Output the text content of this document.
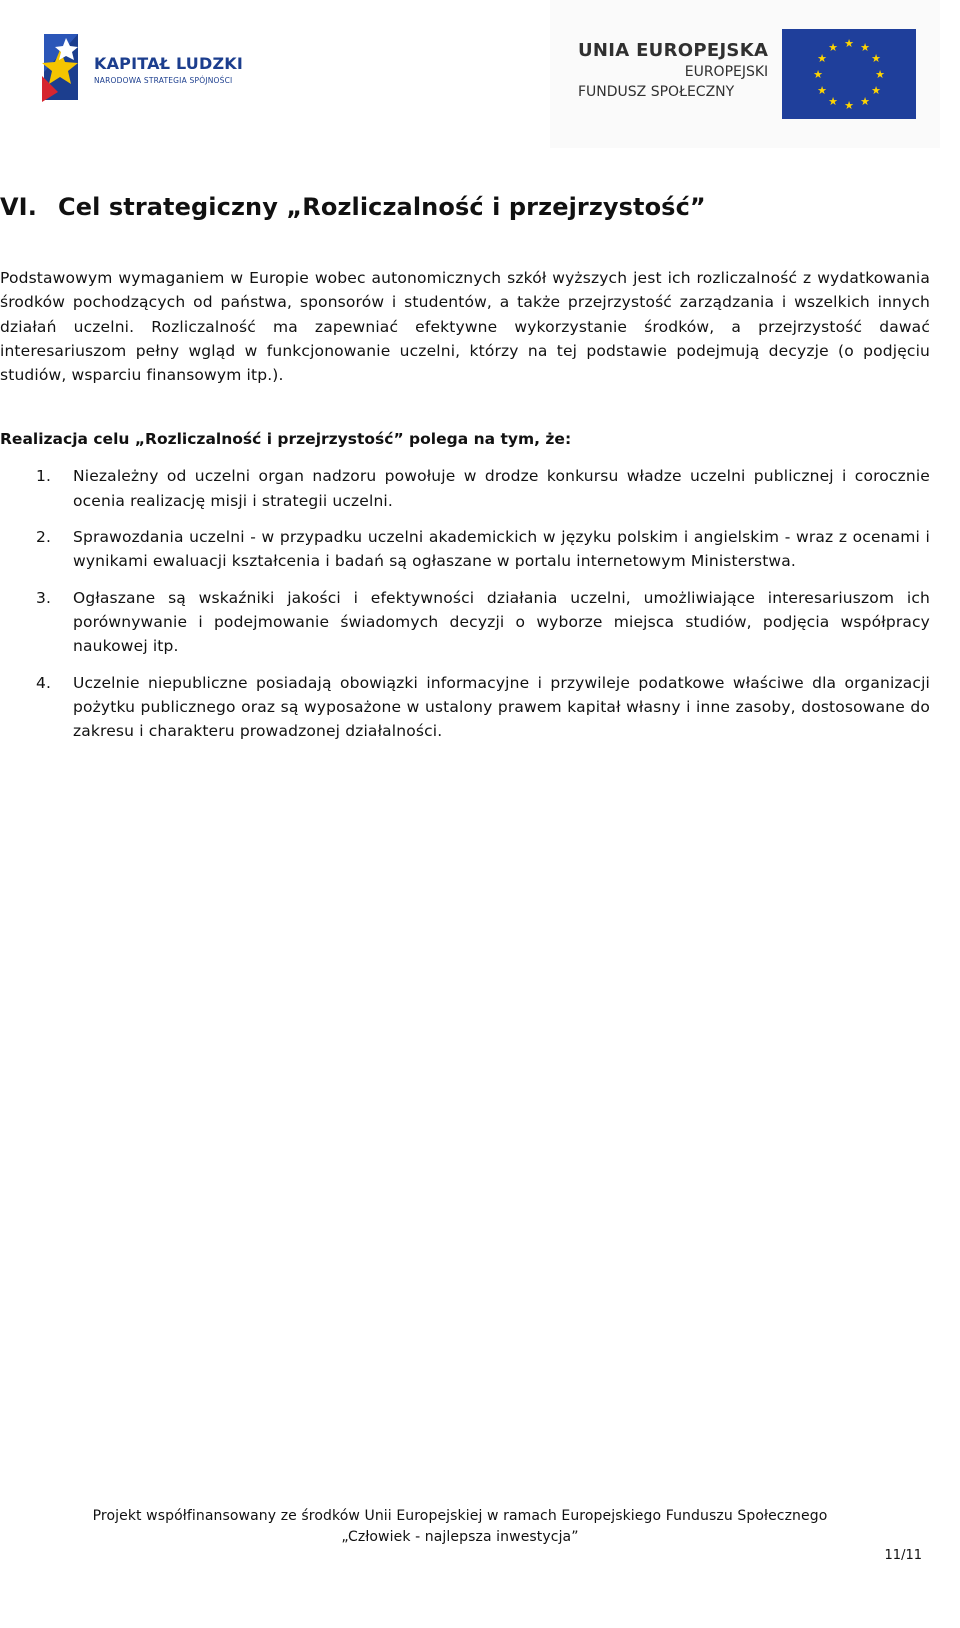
KAPITAŁ LUDZKI
NARODOWA STRATEGIA SPÓJNOŚCI
UNIA EUROPEJSKA
EUROPEJSKI
FUNDUSZ SPOŁECZNY
★ ★
★
★
★
★
★
★
★
★
★
★
VI. Cel strategiczny „Rozliczalność i przejrzystość”

Podstawowym wymaganiem w Europie wobec autonomicznych szkół wyższych jest ich rozliczalność z wydatkowania środków pochodzących od państwa, sponsorów i studentów, a także przejrzystość zarządzania i wszelkich innych działań uczelni. Rozliczalność ma zapewniać efektywne wykorzystanie środków, a przejrzystość dawać interesariuszom pełny wgląd w funkcjonowanie uczelni, którzy na tej podstawie podejmują decyzje (o podjęciu studiów, wsparciu finansowym itp.).

Realizacja celu „Rozliczalność i przejrzystość” polega na tym, że:

1. Niezależny od uczelni organ nadzoru powołuje w drodze konkursu władze uczelni publicznej i corocznie ocenia realizację misji i strategii uczelni.
2. Sprawozdania uczelni - w przypadku uczelni akademickich w języku polskim i angielskim - wraz z ocenami i wynikami ewaluacji kształcenia i badań są ogłaszane w portalu internetowym Ministerstwa.
3. Ogłaszane są wskaźniki jakości i efektywności działania uczelni, umożliwiające interesariuszom ich porównywanie i podejmowanie świadomych decyzji o wyborze miejsca studiów, podjęcia współpracy naukowej itp.
4. Uczelnie niepubliczne posiadają obowiązki informacyjne i przywileje podatkowe właściwe dla organizacji pożytku publicznego oraz są wyposażone w ustalony prawem kapitał własny i inne zasoby, dostosowane do zakresu i charakteru prowadzonej działalności.
Projekt współfinansowany ze środków Unii Europejskiej w ramach Europejskiego Funduszu Społecznego
„Człowiek - najlepsza inwestycja”
11/11
